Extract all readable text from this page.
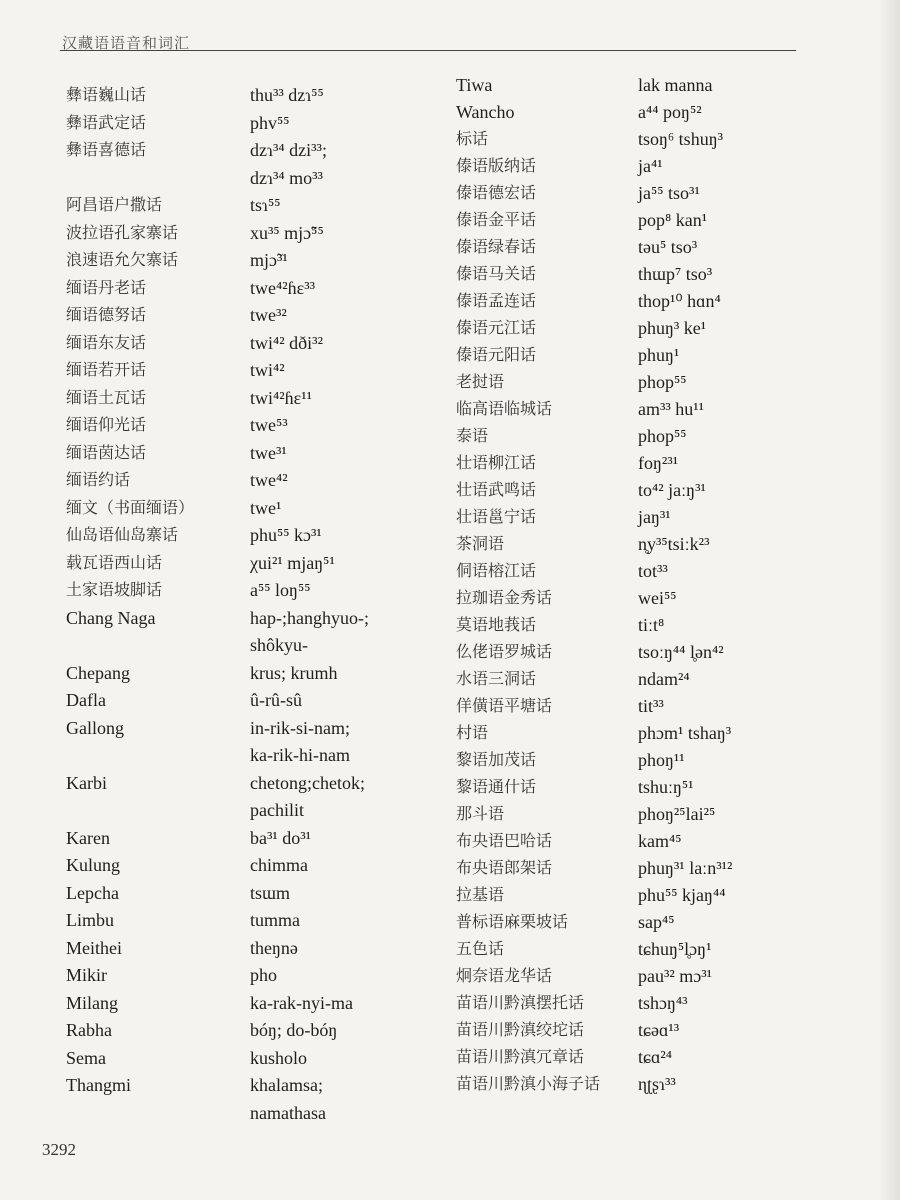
汉藏语语音和词汇
彝语巍山话
彝语武定话
彝语喜德话
阿昌语户撒话
波拉语孔家寨话
浪速语允欠寨话
缅语丹老话
缅语德努话
缅语东友话
缅语若开话
缅语土瓦话
缅语仰光话
缅语茵达话
缅语约话
缅文（书面缅语）
仙岛语仙岛寨话
载瓦语西山话
土家语坡脚话
Chang Naga
Chepang
Dafla
Gallong
Karbi
Karen
Kulung
Lepcha
Limbu
Meithei
Mikir
Milang
Rabha
Sema
Thangmi
thu³³ dzɿ⁵⁵
phv⁵⁵
dzɿ³⁴ dzi³³;
dzɿ³⁴ mo³³
tsɿ⁵⁵
xu³⁵ mjɔ̃⁵⁵
mjɔ̃³¹
twe⁴²ɦɛ³³
twe³²
twi⁴² dði³²
twi⁴²
twi⁴²ɦɛ¹¹
twe⁵³
twe³¹
twe⁴²
twe¹
phu⁵⁵ kɔ³¹
χui²¹ mjaŋ⁵¹
a⁵⁵ loŋ⁵⁵
hap-;hanghyuo-;
shôkyu-
krus; krumh
û-rû-sû
in-rik-si-nam;
ka-rik-hi-nam
chetong;chetok;
pachilit
ba³¹ do³¹
chimma
tsɯm
tumma
theŋnə
pho
ka-rak-nyi-ma
bóŋ; do-bóŋ
kusholo
khalamsa;
namathasa
Tiwa
Wancho
标话
傣语版纳话
傣语德宏话
傣语金平话
傣语绿春话
傣语马关话
傣语孟连话
傣语元江话
傣语元阳话
老挝语
临高语临城话
泰语
壮语柳江话
壮语武鸣话
壮语邕宁话
茶洞语
侗语榕江话
拉珈语金秀话
莫语地莪话
仫佬语罗城话
水语三洞话
佯僙语平塘话
村语
黎语加茂话
黎语通什话
那斗语
布央语巴哈话
布央语郎架话
拉基语
普标语麻栗坡话
五色话
炯奈语龙华话
苗语川黔滇摆托话
苗语川黔滇绞坨话
苗语川黔滇冗章话
苗语川黔滇小海子话
lak manna
a⁴⁴ poŋ⁵²
tsoŋ⁶ tshuŋ³
ja⁴¹
ja⁵⁵ tso³¹
pop⁸ kan¹
təu⁵ tso³
thɯp⁷ tso³
thop¹⁰ hɑn⁴
phuŋ³ ke¹
phuŋ¹
phop⁵⁵
am³³ hu¹¹
phop⁵⁵
foŋ²³¹
to⁴² jaːŋ³¹
jaŋ³¹
n̥y³⁵tsiːk²³
tot³³
wei⁵⁵
tiːt⁸
tsoːŋ⁴⁴ l̥ən⁴²
ndam²⁴
tit³³
phɔm¹ tshaŋ³
phoŋ¹¹
tshuːŋ⁵¹
phoŋ²⁵lai²⁵
kam⁴⁵
phuŋ³¹ laːn³¹²
phu⁵⁵ kjaŋ⁴⁴
sap⁴⁵
tɕhuŋ⁵l̥ɔŋ¹
pau³² mɔ³¹
tshɔŋ⁴³
tɕəɑ¹³
tɕɑ²⁴
ɳʈʂɿ³³
3292
